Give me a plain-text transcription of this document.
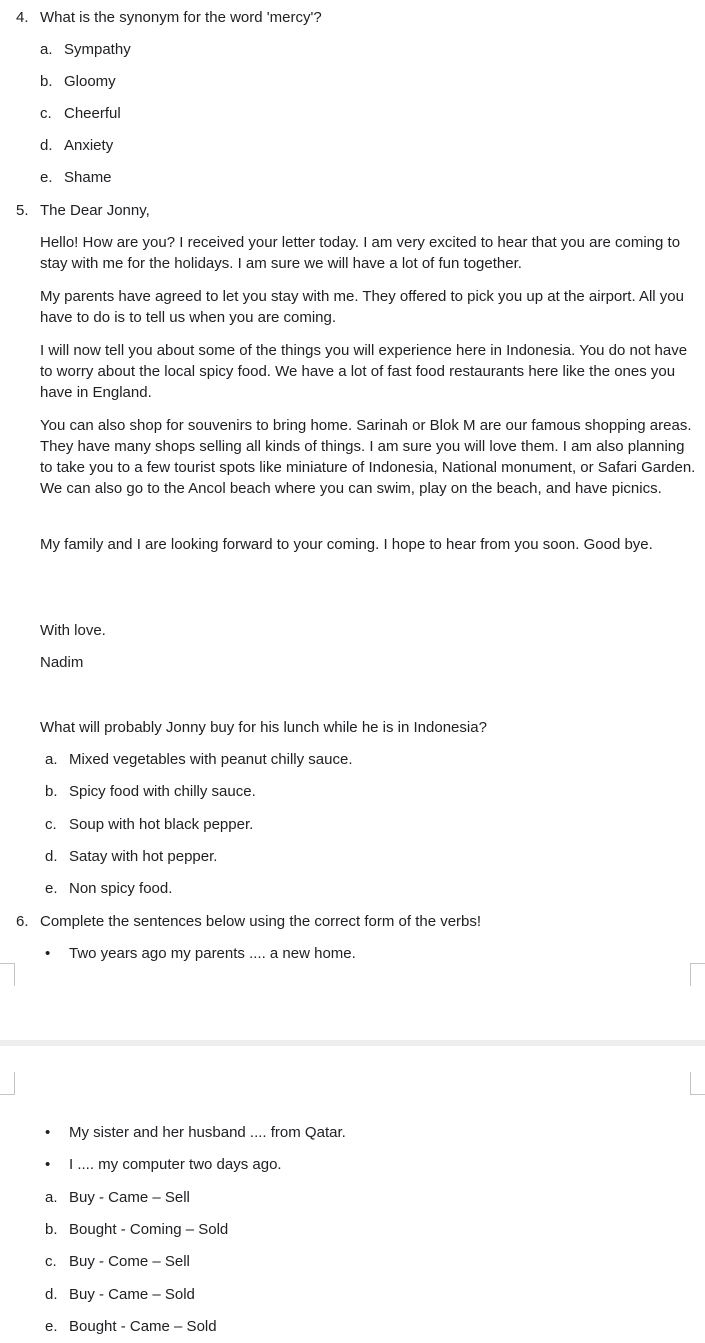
4. What is the synonym for the word 'mercy'?
a. Sympathy
b. Gloomy
c. Cheerful
d. Anxiety
e. Shame
5. The Dear Jonny,
Hello! How are you? I received your letter today. I am very excited to hear that you are coming to stay with me for the holidays. I am sure we will have a lot of fun together.
My parents have agreed to let you stay with me. They offered to pick you up at the airport. All you have to do is to tell us when you are coming.
I will now tell you about some of the things you will experience here in Indonesia. You do not have to worry about the local spicy food. We have a lot of fast food restaurants here like the ones you have in England.
You can also shop for souvenirs to bring home. Sarinah or Blok M are our famous shopping areas. They have many shops selling all kinds of things. I am sure you will love them. I am also planning to take you to a few tourist spots like miniature of Indonesia, National monument, or Safari Garden. We can also go to the Ancol beach where you can swim, play on the beach, and have picnics.
My family and I are looking forward to your coming. I hope to hear from you soon. Good bye.
With love.
Nadim
What will probably Jonny buy for his lunch while he is in Indonesia?
a. Mixed vegetables with peanut chilly sauce.
b. Spicy food with chilly sauce.
c. Soup with hot black pepper.
d. Satay with hot pepper.
e. Non spicy food.
6. Complete the sentences below using the correct form of the verbs!
• Two years ago my parents .... a new home.
• My sister and her husband .... from Qatar.
• I .... my computer two days ago.
a. Buy - Came – Sell
b. Bought - Coming – Sold
c. Buy - Come – Sell
d. Buy - Came – Sold
e. Bought - Came – Sold
